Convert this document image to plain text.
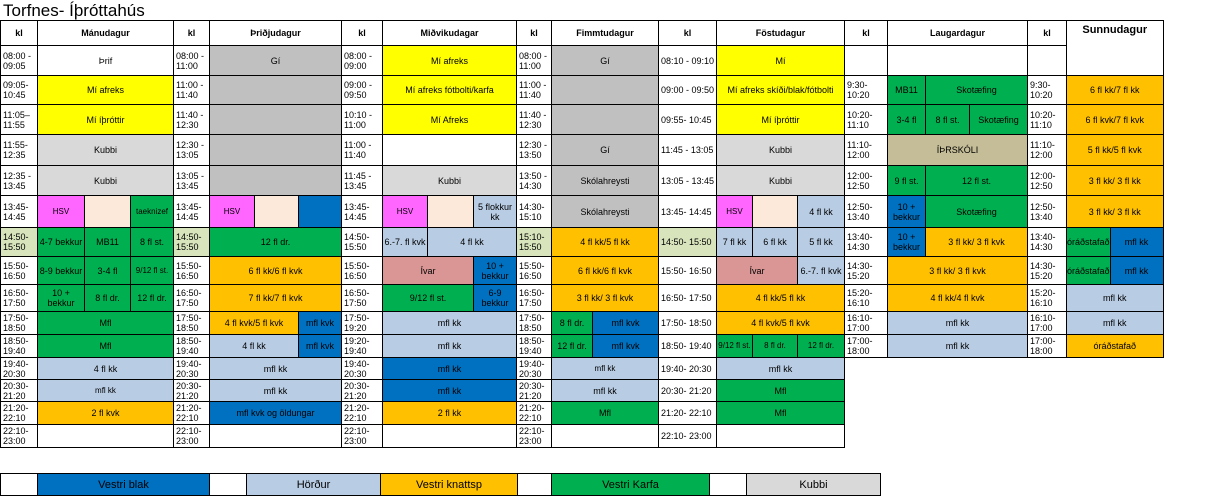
Torfnes- Íþróttahús
kl	Mánudagur			kl	Þriðjudagur			kl	Miðvikudagar			kl	Fimmtudagur		kl	Föstudagur			kl	Laugardagur			kl	Sunnudagur	
08:00 - 09:05	Þrif			08:00 - 11:00	Gí			08:00 - 09:00	Mí afreks			08:00 - 11:00	Gí		08:10 - 09:10	Mí									
09:05- 10:45	Mí afreks			11:00 - 11:40				09:00 - 09:50	Mí afreks fótbolti/karfa			11:00 - 11:40			09:00 - 09:50	Mí afreks skíði/blak/fótbolti			9:30- 10:20	MB11	Skotæfing		9:30- 10:20	6 fl kk/7 fl kk	
11:05– 11:55	Mí íþróttir			11:40 - 12:30				10:10 - 11:00	Mí Afreks			11:40 - 12:30			09:55- 10:45	Mí íþróttir			10:20- 11:10	3-4 fl	8 fl st.	Skotæfing	10:20- 11:10	6 fl kvk/7 fl kvk	
11:55- 12:35	Kubbi			12:30 - 13:05				11:00 - 11:40				12:30 - 13:50	Gí		11:45 - 13:05	Kubbi			11:10- 12:00	ÍÞRSKÓLI			11:10- 12:00	5 fl kk/5 fl kvk	
12:35 - 13:45	Kubbi			13:05 - 13:45				11:45 - 13:45	Kubbi			13:50 - 14:30	Skólahreysti		13:05 - 13:45	Kubbi			12:00- 12:50	9 fl st.	12 fl st.		12:00- 12:50	3 fl kk/ 3 fl kk	
13:45- 14:45	HSV		taeknizef	13:45- 14:45	HSV			13:45- 14:45	HSV		5 flokkur kk	14:30- 15:10	Skólahreysti		13:45- 14:45	HSV		4 fl kk	12:50- 13:40	10 + bekkur	Skotæfing		12:50- 13:40	3 fl kk/ 3 fl kk	
14:50- 15:50	4-7 bekkur	MB11	8 fl st.	14:50- 15:50	12 fl dr.			14:50- 15:50	6.-7. fl kvk	4 fl kk		15:10- 15:50	4 fl kk/5 fl kk		14:50- 15:50	7 fl kk	6 fl kk	5 fl kk	13:40- 14:30	10 + bekkur	3 fl kk/ 3 fl kvk		13:40- 14:30	óráðstafað	mfl kk
15:50- 16:50	8-9 bekkur	3-4 fl	9/12 fl st.	15:50- 16:50	6 fl kk/6 fl kvk			15:50- 16:50	Ívar		10 + bekkur	15:50- 16:50	6 fl kk/6 fl kvk		15:50- 16:50	Ívar		6.-7. fl kvk	14:30- 15:20	3 fl kk/ 3 fl kvk			14:30- 15:20	óráðstafað	mfl kk
16:50- 17:50	10 + bekkur	8 fl dr.	12 fl dr.	16:50- 17:50	7 fl kk/7 fl kvk			16:50- 17:50	9/12 fl st.		6-9 bekkur	16:50- 17:50	3 fl kk/ 3 fl kvk		16:50- 17:50	4 fl kk/5 fl kk			15:20- 16:10	4 fl kk/4 fl kvk			15:20- 16:10	mfl kk	
17:50- 18:50	Mfl			17:50- 18:50	4 fl kvk/5 fl kvk		mfl kvk	17:50- 19:20	mfl kk			17:50- 18:50	8 fl dr.	mfl kvk	17:50- 18:50	4 fl kvk/5 fl kvk			16:10- 17:00	mfl kk			16:10- 17:00	mfl kk	
18:50- 19:40	Mfl			18:50- 19:40	4 fl kk		mfl kvk	19:20- 19:40	mfl kk			18:50- 19:40	12 fl dr.	mfl kvk	18:50- 19:40	9/12 fl st.	8 fl dr.	12 fl dr.	17:00- 18:00	mfl kk			17:00- 18:00	óráðstafað	
19:40- 20:30	4 fl kk			19:40- 20:30	mfl kk			19:40- 20:30	mfl kk			19:40- 20:30	mfl kk		19:40- 20:30	mfl kk									
20:30- 21:20	mfl kk			20:30- 21:20	mfl kk			20:30- 21:20	mfl kk			20:30- 21:20	mfl kk		20:30- 21:20	Mfl									
21:20- 22:10	2 fl kvk			21:20- 22:10	mfl kvk og öldungar			21:20- 22:10	2 fl kk			21:20- 22:10	Mfl		21:20- 22:10	Mfl									
22:10- 23:00				22:10- 23:00				22:10- 23:00				22:10- 23:00			22:10- 23:00										
	Vestri blak		Hörður	Vestri knattsp		Vestri Karfa		Kubbi		
